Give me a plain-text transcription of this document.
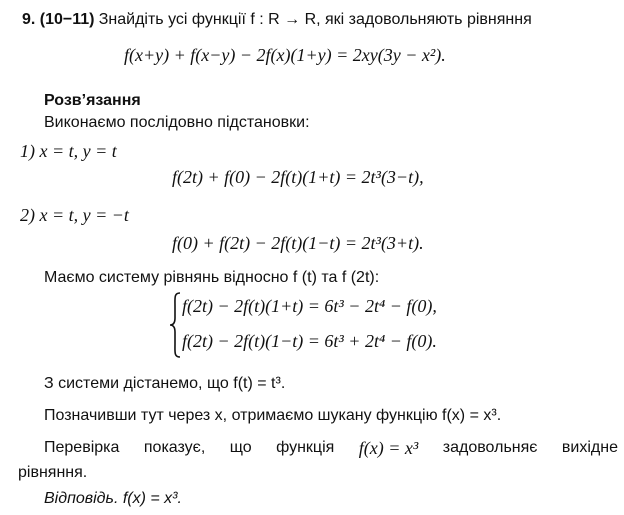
9. (10−11) Знайдіть усі функції f : R → R, які задовольняють рівняння
f(x+y) + f(x−y) − 2f(x)(1+y) = 2xy(3y − x²).
Розв’язання
Виконаємо послідовно підстановки:
1) x = t, y = t
f(2t) + f(0) − 2f(t)(1+t) = 2t³(3−t),
2) x = t, y = −t
f(0) + f(2t) − 2f(t)(1−t) = 2t³(3+t).
Маємо систему рівнянь відносно f (t) та f (2t):
f(2t) − 2f(t)(1+t) = 6t³ − 2t⁴ − f(0),
f(2t) − 2f(t)(1−t) = 6t³ + 2t⁴ − f(0).
З системи дістанемо, що f(t) = t³.
Позначивши тут через x, отримаємо шукану функцію f(x) = x³.
Перевірка показує, що функція f(x) = x³ задовольняє вихідне
рівняння.
Відповідь. f(x) = x³.
